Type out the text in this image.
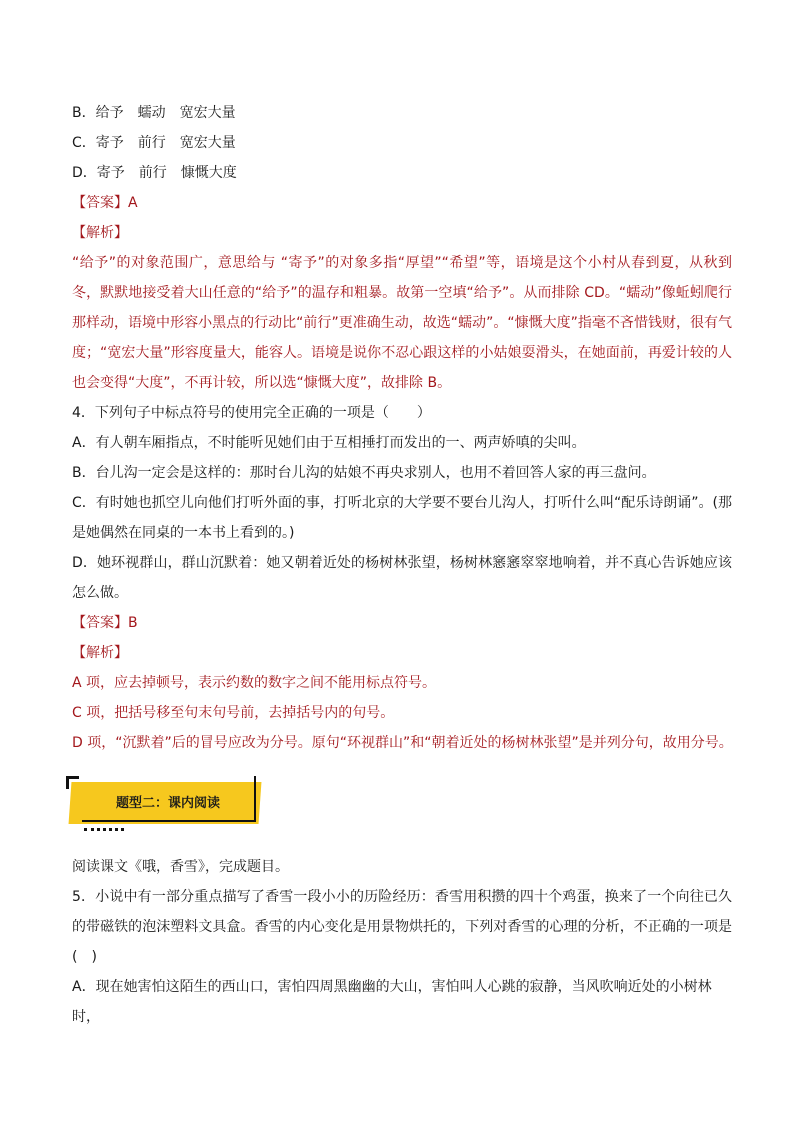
B．给予　蠕动　宽宏大量
C．寄予　前行　宽宏大量
D．寄予　前行　慷慨大度
【答案】A
【解析】
“给予”的对象范围广，意思给与 “寄予”的对象多指“厚望”“希望”等，语境是这个小村从春到夏，从秋到冬，默默地接受着大山任意的“给予”的温存和粗暴。故第一空填“给予”。从而排除 CD。“蠕动”像蚯蚓爬行那样动，语境中形容小黑点的行动比“前行”更准确生动，故选“蠕动”。“慷慨大度”指毫不吝惜钱财，很有气度；“宽宏大量”形容度量大，能容人。语境是说你不忍心跟这样的小姑娘耍滑头，在她面前，再爱计较的人也会变得“大度”，不再计较，所以选“慷慨大度”，故排除 B。
4．下列句子中标点符号的使用完全正确的一项是（　　）
A．有人朝车厢指点，不时能听见她们由于互相捶打而发出的一、两声娇嗔的尖叫。
B．台儿沟一定会是这样的：那时台儿沟的姑娘不再央求别人，也用不着回答人家的再三盘问。
C．有时她也抓空儿向他们打听外面的事，打听北京的大学要不要台儿沟人，打听什么叫“配乐诗朗诵”。(那是她偶然在同桌的一本书上看到的。)
D．她环视群山，群山沉默着：她又朝着近处的杨树林张望，杨树林窸窸窣窣地响着，并不真心告诉她应该怎么做。
【答案】B
【解析】
A 项，应去掉顿号，表示约数的数字之间不能用标点符号。
C 项，把括号移至句末句号前，去掉括号内的句号。
D 项，“沉默着”后的冒号应改为分号。原句“环视群山”和“朝着近处的杨树林张望”是并列分句，故用分号。
题型二：课内阅读
阅读课文《哦，香雪》，完成题目。
5．小说中有一部分重点描写了香雪一段小小的历险经历：香雪用积攒的四十个鸡蛋，换来了一个向往已久的带磁铁的泡沫塑料文具盒。香雪的内心变化是用景物烘托的，下列对香雪的心理的分析，不正确的一项是(　)
A．现在她害怕这陌生的西山口，害怕四周黑幽幽的大山，害怕叫人心跳的寂静，当风吹响近处的小树林时，
